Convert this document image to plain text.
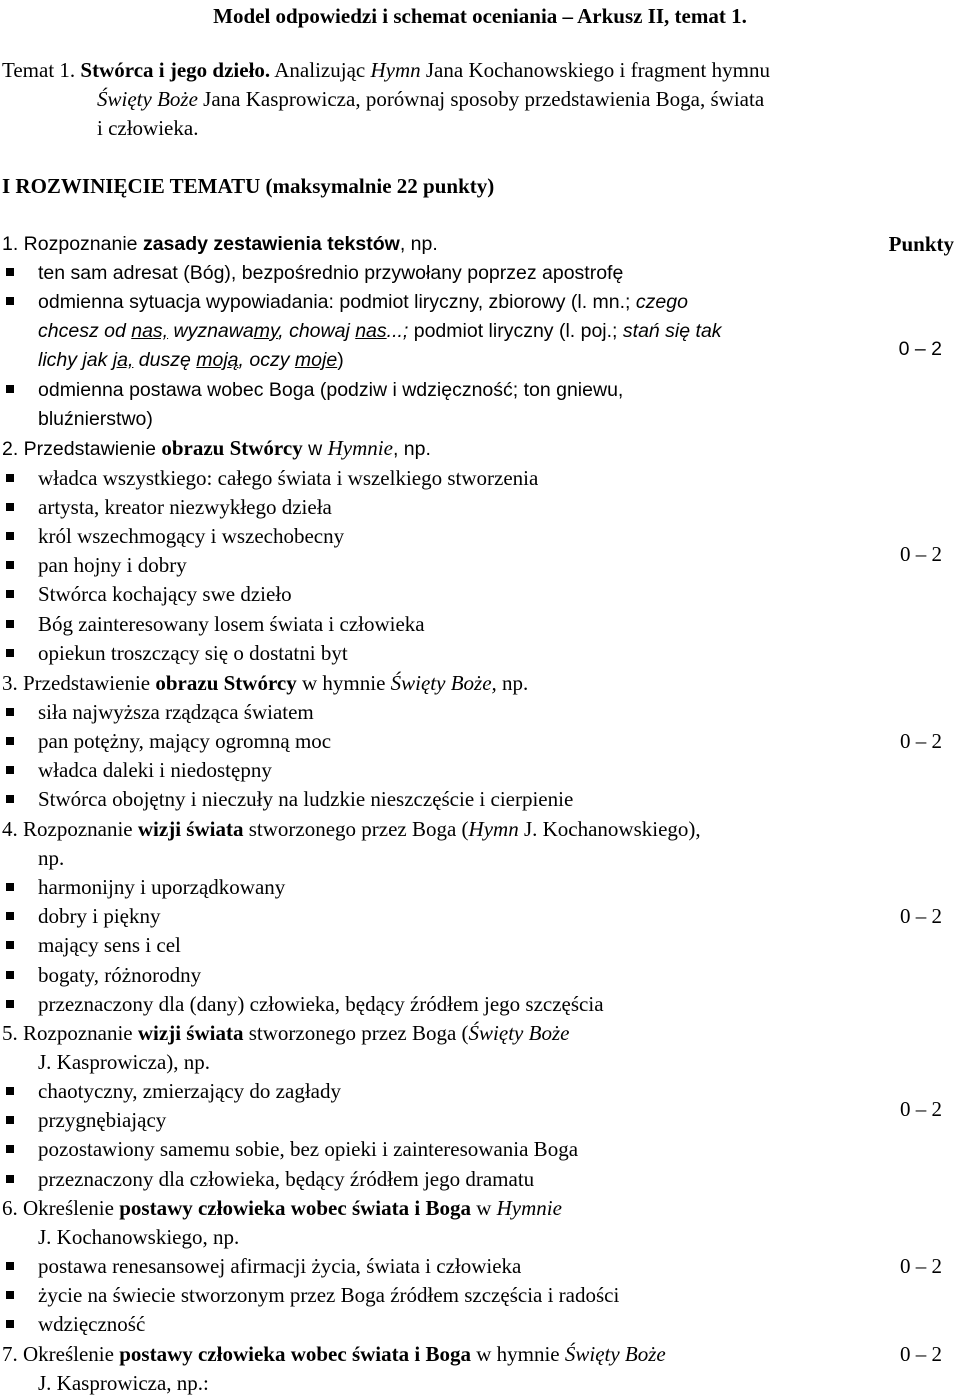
Model odpowiedzi i schemat oceniania – Arkusz II, temat 1.
Temat 1. Stwórca i jego dzieło. Analizując Hymn Jana Kochanowskiego i fragment hymnu
Święty Boże Jana Kasprowicza, porównaj sposoby przedstawienia Boga, świata
i człowieka.
I ROZWINIĘCIE TEMATU (maksymalnie 22 punkty)
1. Rozpoznanie zasady zestawienia tekstów, np.	Punkty
ten sam adresat (Bóg), bezpośrednio przywołany poprzez apostrofę
odmienna sytuacja wypowiadania: podmiot liryczny, zbiorowy (l. mn.; czego
chcesz od nas, wyznawamy, chowaj nas...; podmiot liryczny (l. poj.; stań się tak
lichy jak ja, duszę moją, oczy moje)	0 – 2
odmienna postawa wobec Boga (podziw i wdzięczność; ton gniewu,
bluźnierstwo)
2. Przedstawienie obrazu Stwórcy w Hymnie, np.
władca wszystkiego: całego świata i wszelkiego stworzenia
artysta, kreator niezwykłego dzieła
król wszechmogący i wszechobecny
pan hojny i dobry	0 – 2
Stwórca kochający swe dzieło
Bóg zainteresowany losem świata i człowieka
opiekun troszczący się o dostatni byt
3. Przedstawienie obrazu Stwórcy w hymnie Święty Boże, np.
siła najwyższa rządząca światem
pan potężny, mający ogromną moc	0 – 2
władca daleki i niedostępny
Stwórca obojętny i nieczuły na ludzkie nieszczęście i cierpienie
4. Rozpoznanie wizji świata stworzonego przez Boga (Hymn J. Kochanowskiego),
np.
harmonijny i uporządkowany
dobry i piękny	0 – 2
mający sens i cel
bogaty, różnorodny
przeznaczony dla (dany) człowieka, będący źródłem jego szczęścia
5. Rozpoznanie wizji świata stworzonego przez Boga (Święty Boże
J. Kasprowicza), np.
chaotyczny, zmierzający do zagłady
przygnębiający	0 – 2
pozostawiony samemu sobie, bez opieki i zainteresowania Boga
przeznaczony dla człowieka, będący źródłem jego dramatu
6. Określenie postawy człowieka wobec świata i Boga w Hymnie
J. Kochanowskiego, np.
postawa renesansowej afirmacji życia, świata i człowieka	0 – 2
życie na świecie stworzonym przez Boga źródłem szczęścia i radości
wdzięczność
7. Określenie postawy człowieka wobec świata i Boga w hymnie Święty Boże	0 – 2
J. Kasprowicza, np.:
